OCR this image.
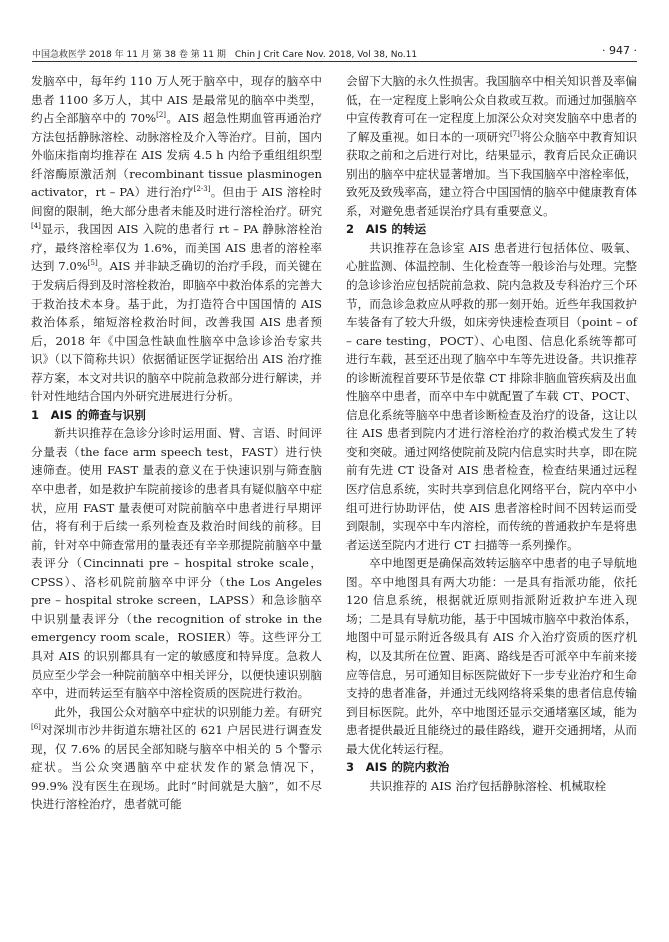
中国急救医学 2018 年 11 月 第 38 卷 第 11 期　Chin J Crit Care Nov. 2018, Vol 38, No.11	· 947 ·

发脑卒中，每年约 110 万人死于脑卒中，现存的脑卒中患者 1100 多万人，其中 AIS 是最常见的脑卒中类型，约占全部脑卒中的 70%[2]。AIS 超急性期血管再通治疗方法包括静脉溶栓、动脉溶栓及介入等治疗。目前，国内外临床指南均推荐在 AIS 发病 4.5 h 内给予重组组织型纤溶酶原激活剂（recombinant tissue plasminogen activator，rt – PA）进行治疗[2-3]。但由于 AIS 溶栓时间窗的限制，绝大部分患者未能及时进行溶栓治疗。研究[4]显示，我国因 AIS 入院的患者行 rt – PA 静脉溶栓治疗，最终溶栓率仅为 1.6%，而美国 AIS 患者的溶栓率达到 7.0%[5]。AIS 并非缺乏确切的治疗手段，而关键在于发病后得到及时溶栓救治，即脑卒中救治体系的完善大于救治技术本身。基于此，为打造符合中国国情的 AIS 救治体系，缩短溶栓救治时间，改善我国 AIS 患者预后，2018 年《中国急性缺血性脑卒中急诊诊治专家共识》（以下简称共识）依据循证医学证据给出 AIS 治疗推荐方案，本文对共识的脑卒中院前急救部分进行解读，并针对性地结合国内外研究进展进行分析。

1　AIS 的筛查与识别

新共识推荐在急诊分诊时运用面、臂、言语、时间评分量表（the face arm speech test，FAST）进行快速筛查。使用 FAST 量表的意义在于快速识别与筛查脑卒中患者，如是救护车院前接诊的患者具有疑似脑卒中症状，应用 FAST 量表便可对院前脑卒中患者进行早期评估，将有利于后续一系列检查及救治时间线的前移。目前，针对卒中筛查常用的量表还有辛辛那提院前脑卒中量表评分（Cincinnati pre – hospital stroke scale，CPSS）、洛杉矶院前脑卒中评分（the Los Angeles pre – hospital stroke screen，LAPSS）和急诊脑卒中识别量表评分（the recognition of stroke in the emergency room scale，ROSIER）等。这些评分工具对 AIS 的识别都具有一定的敏感度和特异度。急救人员应至少学会一种院前脑卒中相关评分，以便快速识别脑卒中，进而转运至有脑卒中溶栓资质的医院进行救治。

此外，我国公众对脑卒中症状的识别能力差。有研究[6]对深圳市沙井街道东塘社区的 621 户居民进行调查发现，仅 7.6% 的居民全部知晓与脑卒中相关的 5 个警示症状。当公众突遇脑卒中症状发作的紧急情况下，99.9% 没有医生在现场。此时“时间就是大脑”，如不尽快进行溶栓治疗，患者就可能

会留下大脑的永久性损害。我国脑卒中相关知识普及率偏低，在一定程度上影响公众自救或互救。而通过加强脑卒中宣传教育可在一定程度上加深公众对突发脑卒中患者的了解及重视。如日本的一项研究[7]将公众脑卒中教育知识获取之前和之后进行对比，结果显示，教育后民众正确识别出的脑卒中症状显著增加。当下我国脑卒中溶栓率低，致死及致残率高，建立符合中国国情的脑卒中健康教育体系，对避免患者延误治疗具有重要意义。

2　AIS 的转运

共识推荐在急诊室 AIS 患者进行包括体位、吸氧、心脏监测、体温控制、生化检查等一般诊治与处理。完整的急诊诊治应包括院前急救、院内急救及专科治疗三个环节，而急诊急救应从呼救的那一刻开始。近些年我国救护车装备有了较大升级，如床旁快速检查项目（point – of – care testing，POCT）、心电图、信息化系统等都可进行车载，甚至还出现了脑卒中车等先进设备。共识推荐的诊断流程首要环节是依靠 CT 排除非脑血管疾病及出血性脑卒中患者，而卒中车中就配置了车载 CT、POCT、信息化系统等脑卒中患者诊断检查及治疗的设备，这让以往 AIS 患者到院内才进行溶栓治疗的救治模式发生了转变和突破。通过网络使院前及院内信息实时共享，即在院前有先进 CT 设备对 AIS 患者检查，检查结果通过远程医疗信息系统，实时共享到信息化网络平台，院内卒中小组可进行协助评估，使 AIS 患者溶栓时间不因转运而受到限制，实现卒中车内溶栓，而传统的普通救护车是将患者运送至院内才进行 CT 扫描等一系列操作。

卒中地图更是确保高效转运脑卒中患者的电子导航地图。卒中地图具有两大功能：一是具有指派功能，依托 120 信息系统，根据就近原则指派附近救护车进入现场；二是具有导航功能，基于中国城市脑卒中救治体系，地图中可显示附近各级具有 AIS 介入治疗资质的医疗机构，以及其所在位置、距离、路线是否可派卒中车前来接应等信息，另可通知目标医院做好下一步专业治疗和生命支持的患者准备，并通过无线网络将采集的患者信息传输到目标医院。此外，卒中地图还显示交通堵塞区域，能为患者提供最近且能绕过的最佳路线，避开交通拥堵，从而最大优化转运行程。

3　AIS 的院内救治

共识推荐的 AIS 治疗包括静脉溶栓、机械取栓
